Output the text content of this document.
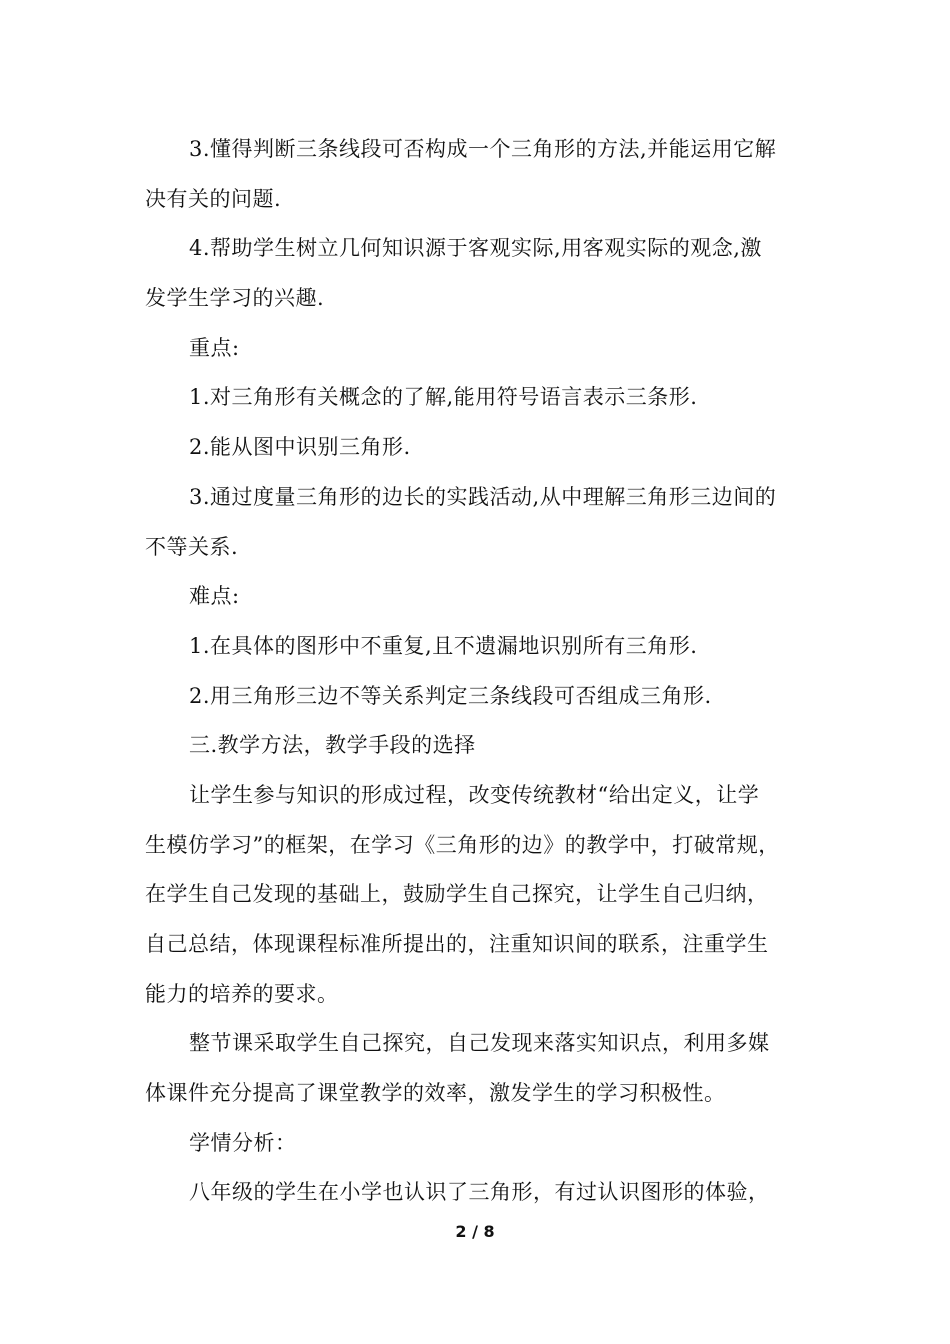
3.懂得判断三条线段可否构成一个三角形的方法,并能运用它解
决有关的问题.
4.帮助学生树立几何知识源于客观实际,用客观实际的观念,激
发学生学习的兴趣.
重点:
1.对三角形有关概念的了解,能用符号语言表示三条形.
2.能从图中识别三角形.
3.通过度量三角形的边长的实践活动,从中理解三角形三边间的
不等关系.
难点:
1.在具体的图形中不重复,且不遗漏地识别所有三角形.
2.用三角形三边不等关系判定三条线段可否组成三角形.
三.教学方法，教学手段的选择
让学生参与知识的形成过程，改变传统教材“给出定义，让学
生模仿学习”的框架，在学习《三角形的边》的教学中，打破常规，
在学生自己发现的基础上，鼓励学生自己探究，让学生自己归纳，
自己总结，体现课程标准所提出的，注重知识间的联系，注重学生
能力的培养的要求。
整节课采取学生自己探究，自己发现来落实知识点，利用多媒
体课件充分提高了课堂教学的效率，激发学生的学习积极性。
学情分析：
八年级的学生在小学也认识了三角形，有过认识图形的体验，
2 / 8
